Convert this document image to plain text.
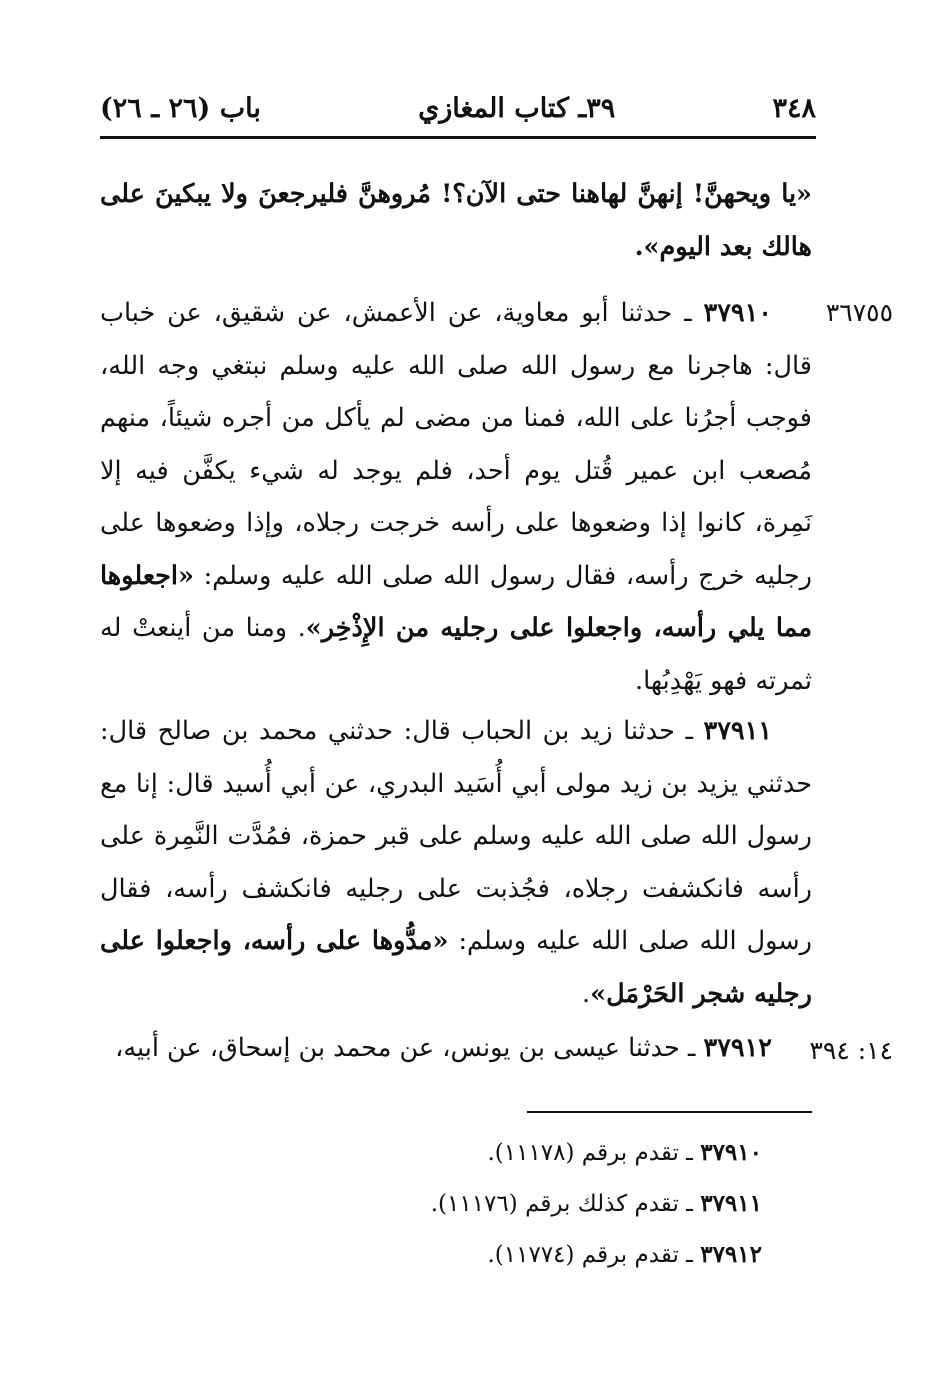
٣٤٨
٣٩ـ كتاب المغازي
باب (٢٦ ـ ٢٦)
«يا ويحهنَّ! إنهنَّ لهاهنا حتى الآن؟! مُروهنَّ فليرجعنَ ولا يبكينَ على هالك بعد اليوم».
٣٦٧٥٥
٣٧٩١٠ ـ حدثنا أبو معاوية، عن الأعمش، عن شقيق، عن خباب قال: هاجرنا مع رسول الله صلى الله عليه وسلم نبتغي وجه الله، فوجب أجرُنا على الله، فمنا من مضى لم يأكل من أجره شيئاً، منهم مُصعب ابن عمير قُتل يوم أحد، فلم يوجد له شيء يكفَّن فيه إلا نَمِرة، كانوا إذا وضعوها على رأسه خرجت رجلاه، وإذا وضعوها على رجليه خرج رأسه، فقال رسول الله صلى الله عليه وسلم: «اجعلوها مما يلي رأسه، واجعلوا على رجليه من الإِذْخِر». ومنا من أينعتْ له ثمرته فهو يَهْدِبُها.
٣٧٩١١ ـ حدثنا زيد بن الحباب قال: حدثني محمد بن صالح قال: حدثني يزيد بن زيد مولى أبي أُسَيد البدري، عن أبي أُسيد قال: إنا مع رسول الله صلى الله عليه وسلم على قبر حمزة، فمُدَّت النَّمِرة على رأسه فانكشفت رجلاه، فجُذبت على رجليه فانكشف رأسه، فقال رسول الله صلى الله عليه وسلم: «مدُّوها على رأسه، واجعلوا على رجليه شجر الحَرْمَل».
١٤: ٣٩٤
٣٧٩١٢ ـ حدثنا عيسى بن يونس، عن محمد بن إسحاق، عن أبيه،
٣٧٩١٠ ـ تقدم برقم (١١١٧٨).
٣٧٩١١ ـ تقدم كذلك برقم (١١١٧٦).
٣٧٩١٢ ـ تقدم برقم (١١٧٧٤).
